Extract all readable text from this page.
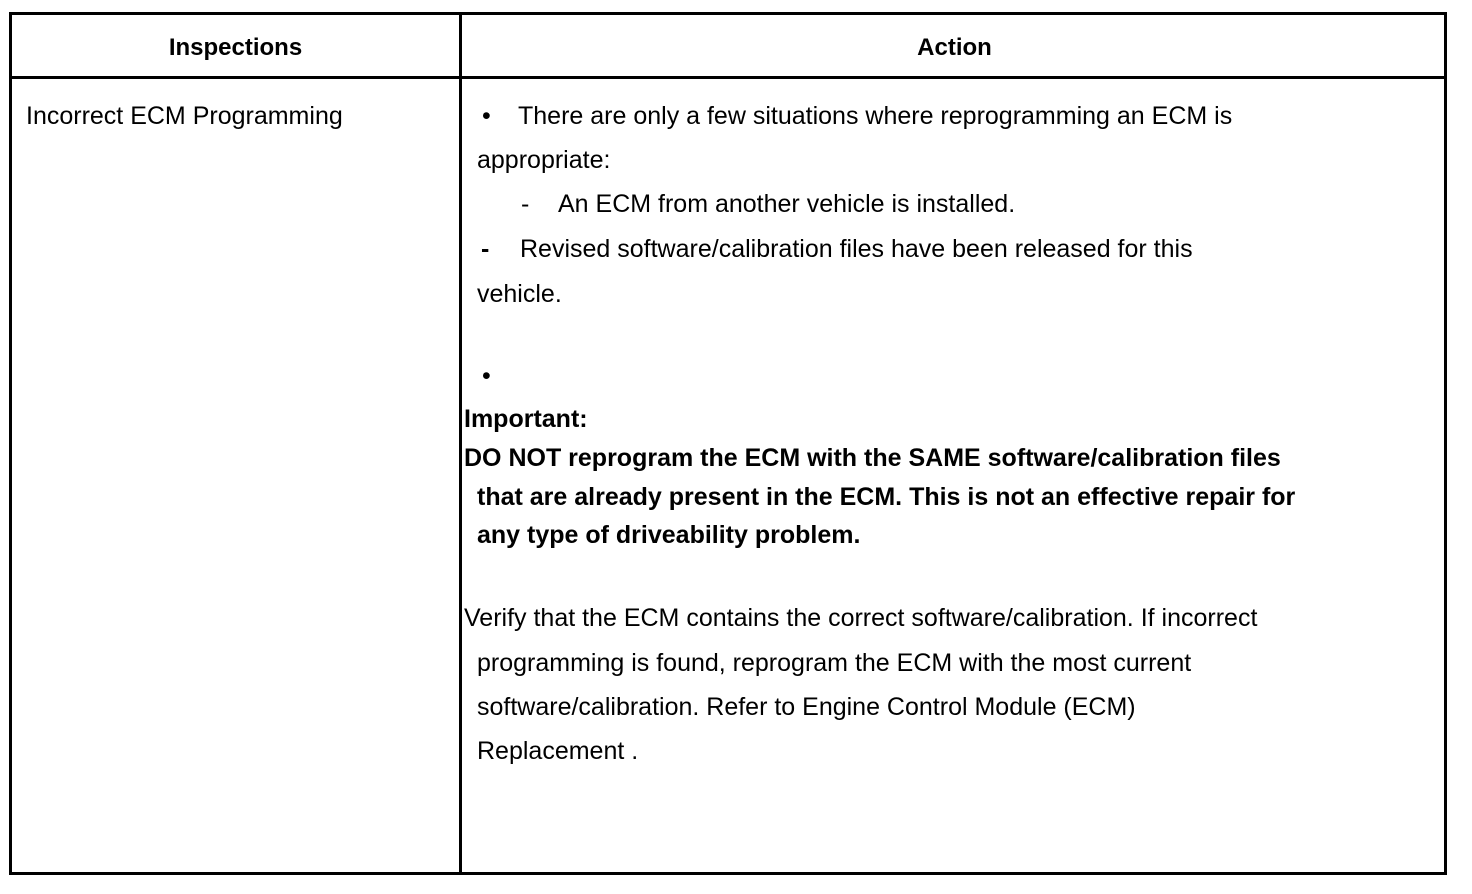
Inspections	Action
Incorrect ECM Programming	• There are only a few situations where reprogramming an ECM is
appropriate:
- An ECM from another vehicle is installed.
- Revised software/calibration files have been released for this
vehicle.
•
Important:
DO NOT reprogram the ECM with the SAME software/calibration files
that are already present in the ECM. This is not an effective repair for
any type of driveability problem.
Verify that the ECM contains the correct software/calibration. If incorrect
programming is found, reprogram the ECM with the most current
software/calibration. Refer to Engine Control Module (ECM)
Replacement .
